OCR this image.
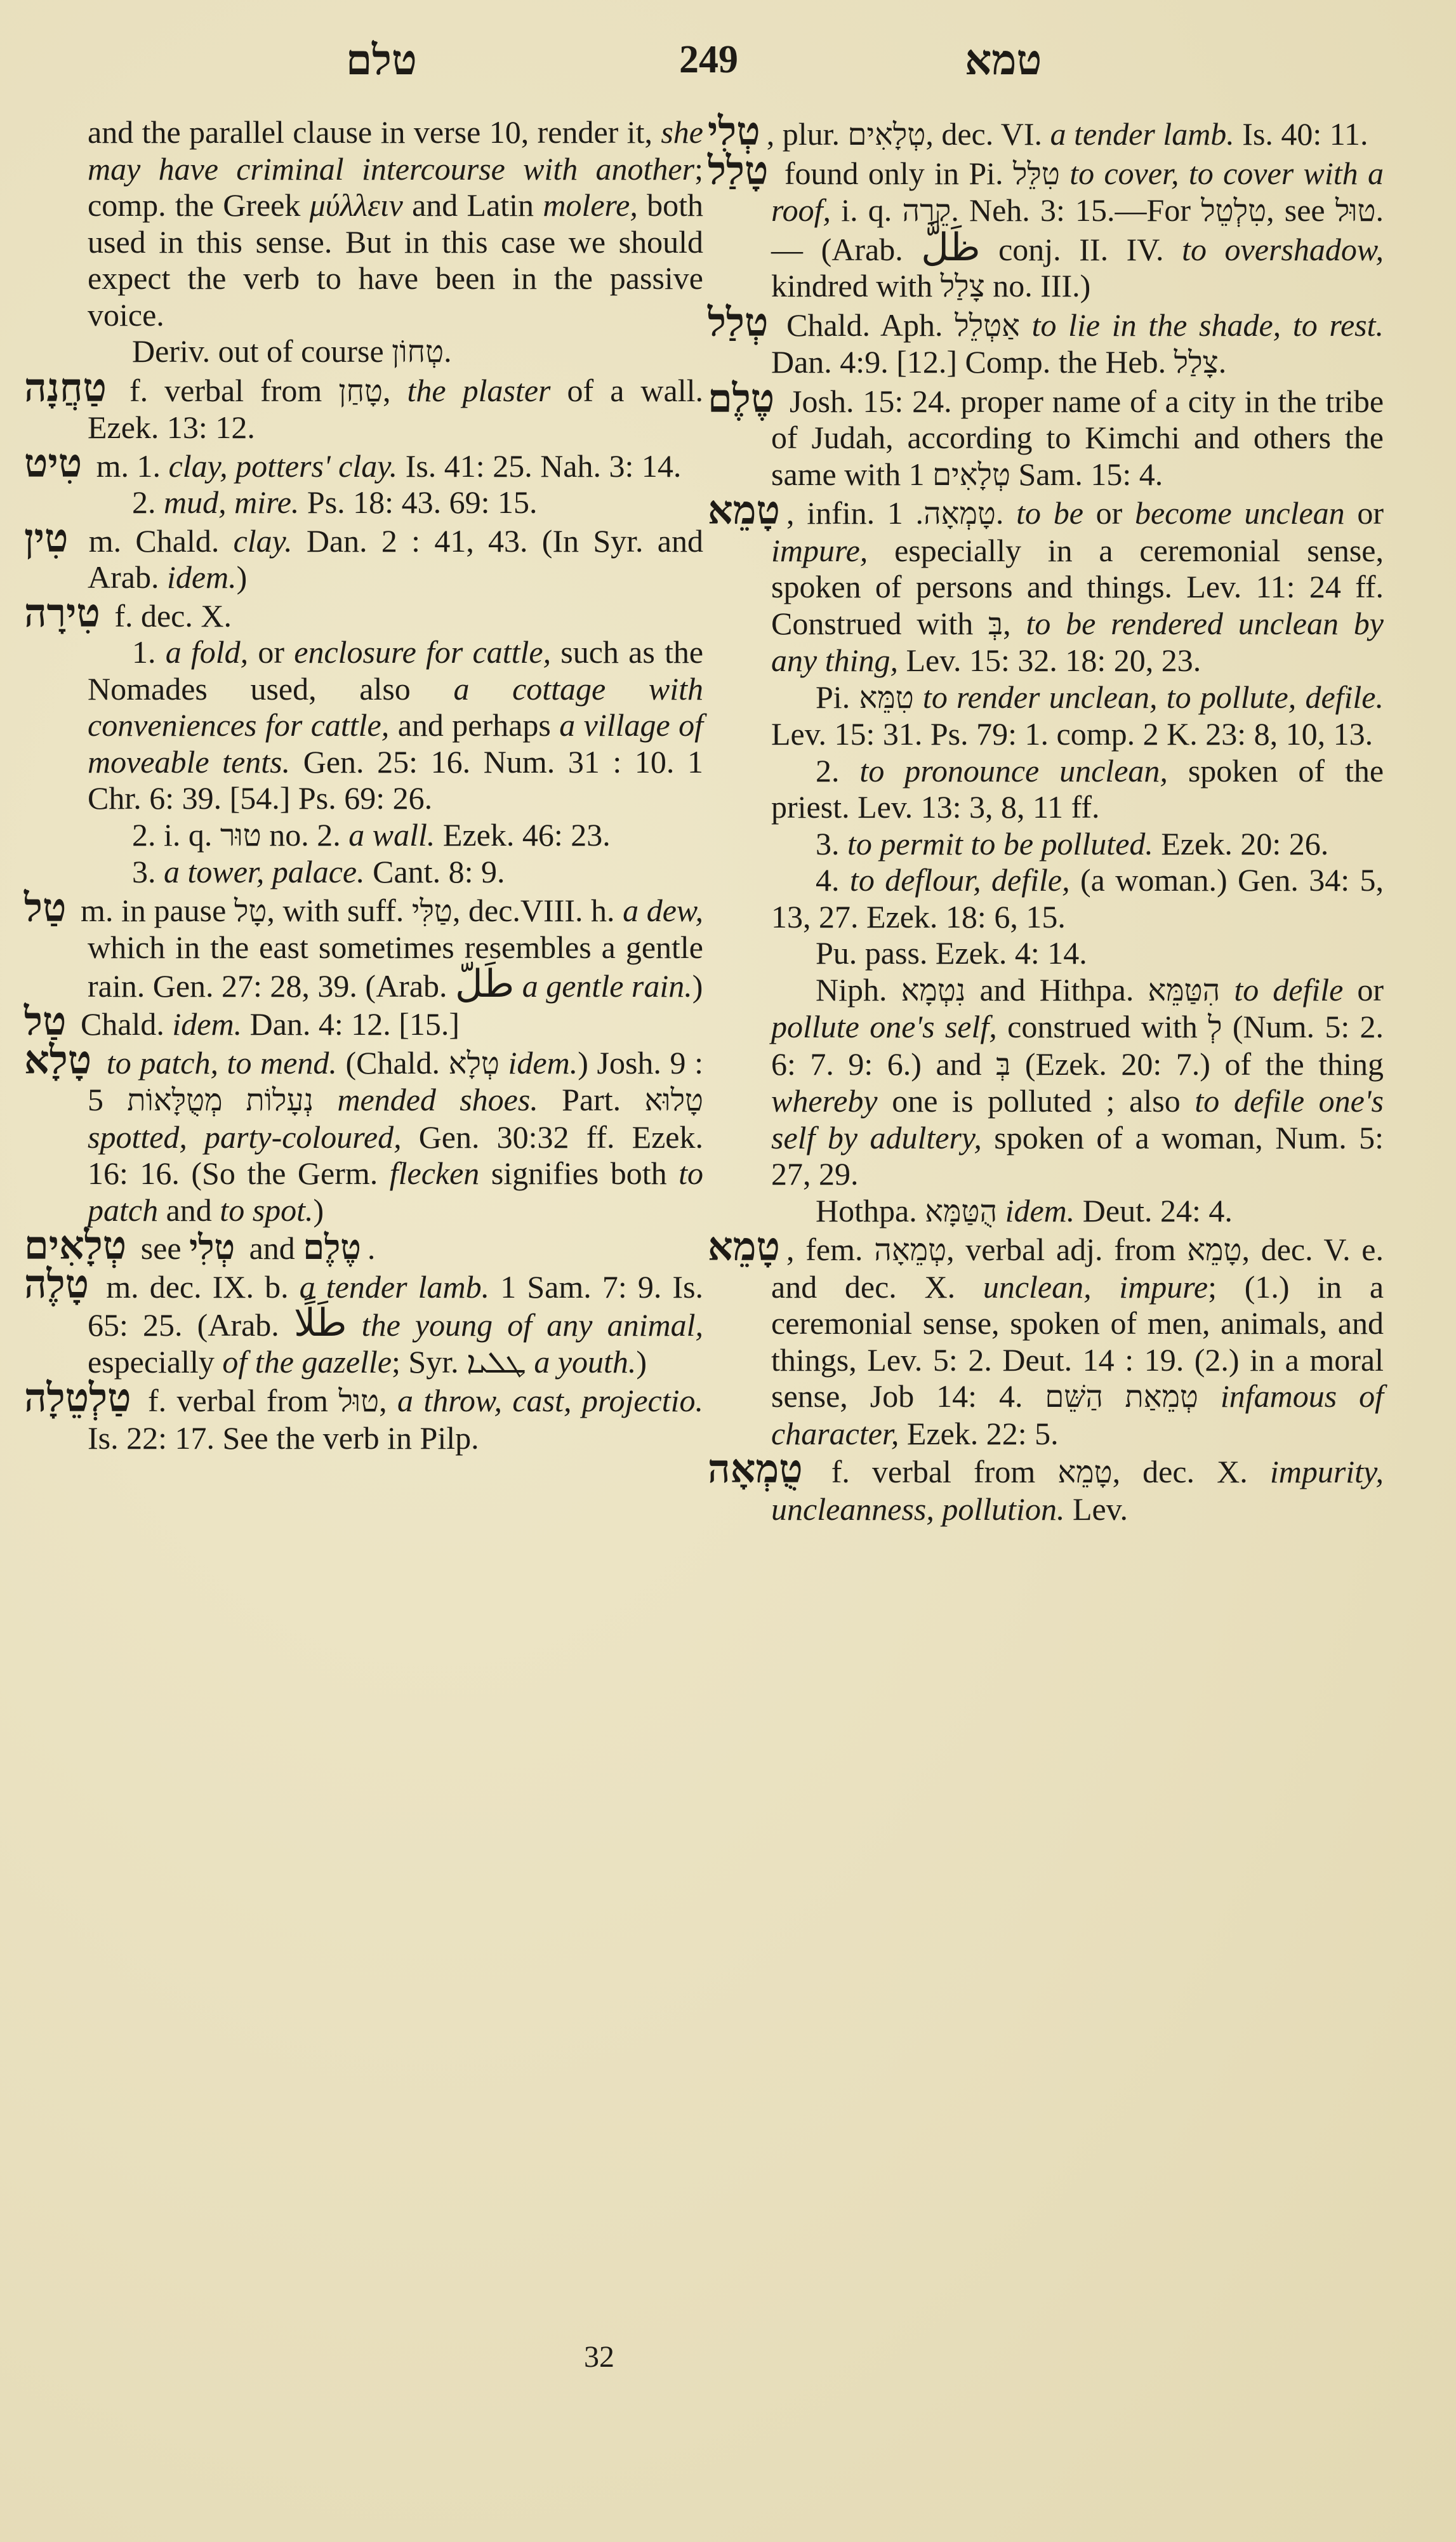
טלם	249	טמא
and the parallel clause in verse 10, render it, she may have criminal intercourse with another; comp. the Greek μύλλειν and Latin molere, both used in this sense. But in this case we should expect the verb to have been in the passive voice.
Deriv. out of course טְחוֹן.
טַחֲנָה f. verbal from טָחַן, the plaster of a wall. Ezek. 13: 12.
טִיט m. 1. clay, potters' clay. Is. 41: 25. Nah. 3: 14.
2. mud, mire. Ps. 18: 43. 69: 15.
טִין m. Chald. clay. Dan. 2 : 41, 43. (In Syr. and Arab. idem.)
טִירָה f. dec. X.
1. a fold, or enclosure for cattle, such as the Nomades used, also a cottage with conveniences for cattle, and perhaps a village of moveable tents. Gen. 25: 16. Num. 31 : 10. 1 Chr. 6: 39. [54.] Ps. 69: 26.
2. i. q. טוּר no. 2. a wall. Ezek. 46: 23.
3. a tower, palace. Cant. 8: 9.
טַל m. in pause טָל, with suff. טַלִּי, dec.VIII. h. a dew, which in the east sometimes resembles a gentle rain. Gen. 27: 28, 39. (Arab. طَلّ a gentle rain.)
טַל Chald. idem. Dan. 4: 12. [15.]
טָלָא to patch, to mend. (Chald. טְלָא idem.) Josh. 9 : 5 נְעָלוֹת מְטֻלָּאוֹת mended shoes. Part. טָלוּא spotted, party-coloured, Gen. 30:32 ff. Ezek. 16: 16. (So the Germ. flecken signifies both to patch and to spot.)
טְלָאִים see טְלִי and טֶלֶם .
טָלֶה m. dec. IX. b. a tender lamb. 1 Sam. 7: 9. Is. 65: 25. (Arab. طَلًا the young of any animal, especially of the gazelle; Syr. ܛܠܝܐ a youth.)
טַלְטֵלָה f. verbal from טוּל, a throw, cast, projectio. Is. 22: 17. See the verb in Pilp.
טְלִי , plur. טְלָאִים, dec. VI. a tender lamb. Is. 40: 11.
טָלַל found only in Pi. טִלֵּל to cover, to cover with a roof, i. q. קֵרָה. Neh. 3: 15.—For טִלְטֵל, see טוּל.— (Arab. ظَلَّ conj. II. IV. to overshadow, kindred with צָלַל no. III.)
טְלַל Chald. Aph. אַטְלֵל to lie in the shade, to rest. Dan. 4:9. [12.] Comp. the Heb. צָלַל.
טֶלֶם Josh. 15: 24. proper name of a city in the tribe of Judah, according to Kimchi and others the same with טְלָאִים 1 Sam. 15: 4.
טָמֵא , infin. טָמְאָה. 1. to be or become unclean or impure, especially in a ceremonial sense, spoken of persons and things. Lev. 11: 24 ff. Construed with בְּ, to be rendered unclean by any thing, Lev. 15: 32. 18: 20, 23.
Pi. טִמֵּא to render unclean, to pollute, defile. Lev. 15: 31. Ps. 79: 1. comp. 2 K. 23: 8, 10, 13.
2. to pronounce unclean, spoken of the priest. Lev. 13: 3, 8, 11 ff.
3. to permit to be polluted. Ezek. 20: 26.
4. to deflour, defile, (a woman.) Gen. 34: 5, 13, 27. Ezek. 18: 6, 15.
Pu. pass. Ezek. 4: 14.
Niph. נִטְמָא and Hithpa. הִטַּמֵּא to defile or pollute one's self, construed with לְ (Num. 5: 2. 6: 7. 9: 6.) and בְּ (Ezek. 20: 7.) of the thing whereby one is polluted ; also to defile one's self by adultery, spoken of a woman, Num. 5: 27, 29.
Hothpa. הֻטַּמָּא idem. Deut. 24: 4.
טָמֵא , fem. טְמֵאָה, verbal adj. from טָמֵא, dec. V. e. and dec. X. unclean, impure; (1.) in a ceremonial sense, spoken of men, animals, and things, Lev. 5: 2. Deut. 14 : 19. (2.) in a moral sense, Job 14: 4. טְמֵאַת הַשֵּׁם infamous of character, Ezek. 22: 5.
טֻמְאָה f. verbal from טָמֵא, dec. X. impurity, uncleanness, pollution. Lev.
32
